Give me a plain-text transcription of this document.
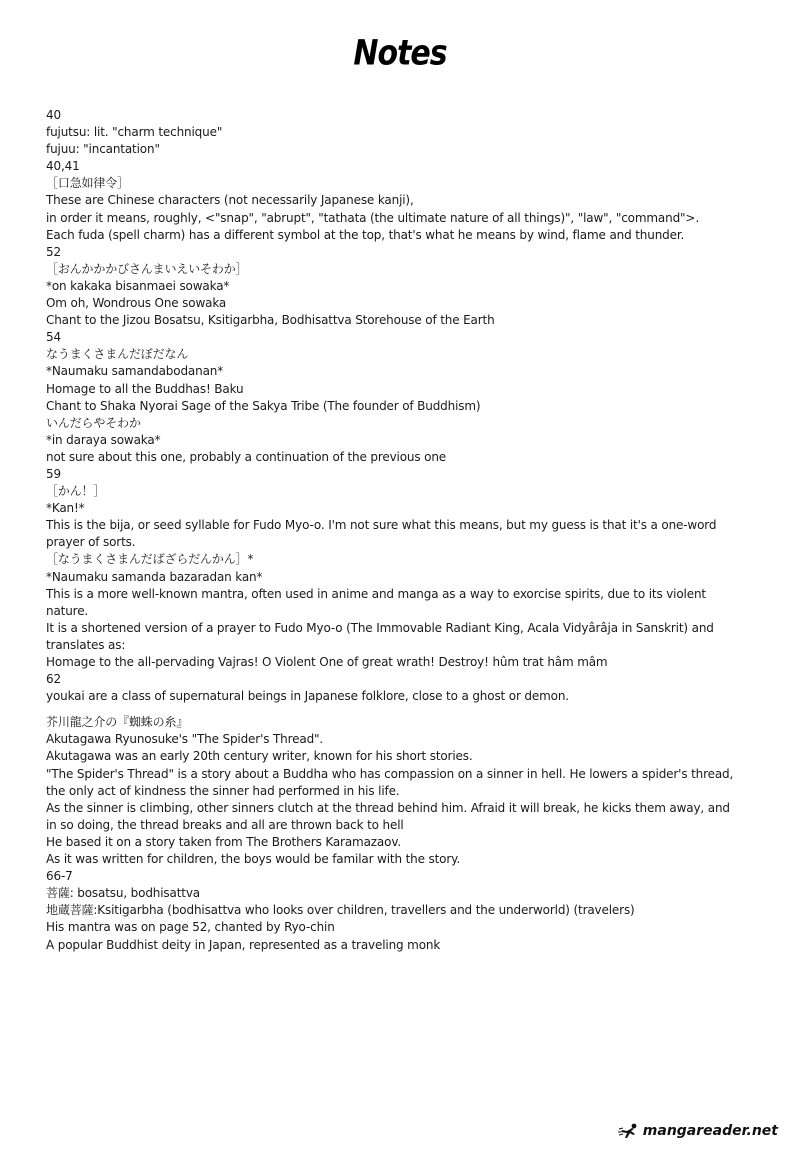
Notes
40
fujutsu: lit. "charm technique"
fujuu: "incantation"
40,41
［口急如律令］
These are Chinese characters (not necessarily Japanese kanji),
in order it means, roughly, <"snap", "abrupt", "tathata (the ultimate nature of all things)", "law", "command">.
Each fuda (spell charm) has a different symbol at the top, that's what he means by wind, flame and thunder.
52
［おんかかかびさんまいえいそわか］
*on kakaka bisanmaei sowaka*
Om oh, Wondrous One sowaka
Chant to the Jizou Bosatsu, Ksitigarbha, Bodhisattva Storehouse of the Earth
54
なうまくさまんだぼだなん
*Naumaku samandabodanan*
Homage to all the Buddhas! Baku
Chant to Shaka Nyorai Sage of the Sakya Tribe (The founder of Buddhism)
いんだらやそわか
*in daraya sowaka*
not sure about this one, probably a continuation of the previous one
59
［かん！］
*Kan!*
This is the bija, or seed syllable for Fudo Myo-o. I'm not sure what this means, but my guess is that it's a one-word
prayer of sorts.
［なうまくさまんだばざらだんかん］*
*Naumaku samanda bazaradan kan*
This is a more well-known mantra, often used in anime and manga as a way to exorcise spirits, due to its violent
nature.
It is a shortened version of a prayer to Fudo Myo-o (The Immovable Radiant King, Acala Vidyârâja in Sanskrit) and
translates as:
Homage to the all-pervading Vajras! O Violent One of great wrath! Destroy! hûm trat hâm mâm
62
youkai are a class of supernatural beings in Japanese folklore, close to a ghost or demon.
芥川龍之介の『蜘蛛の糸』
Akutagawa Ryunosuke's "The Spider's Thread".
Akutagawa was an early 20th century writer, known for his short stories.
"The Spider's Thread" is a story about a Buddha who has compassion on a sinner in hell. He lowers a spider's thread,
the only act of kindness the sinner had performed in his life.
As the sinner is climbing, other sinners clutch at the thread behind him. Afraid it will break, he kicks them away, and
in so doing, the thread breaks and all are thrown back to hell
He based it on a story taken from The Brothers Karamazaov.
As it was written for children, the boys would be familar with the story.
66-7
菩薩: bosatsu, bodhisattva
地蔵菩薩:Ksitigarbha (bodhisattva who looks over children, travellers and the underworld) (travelers)
His mantra was on page 52, chanted by Ryo-chin
A popular Buddhist deity in Japan, represented as a traveling monk
mangareader.net
